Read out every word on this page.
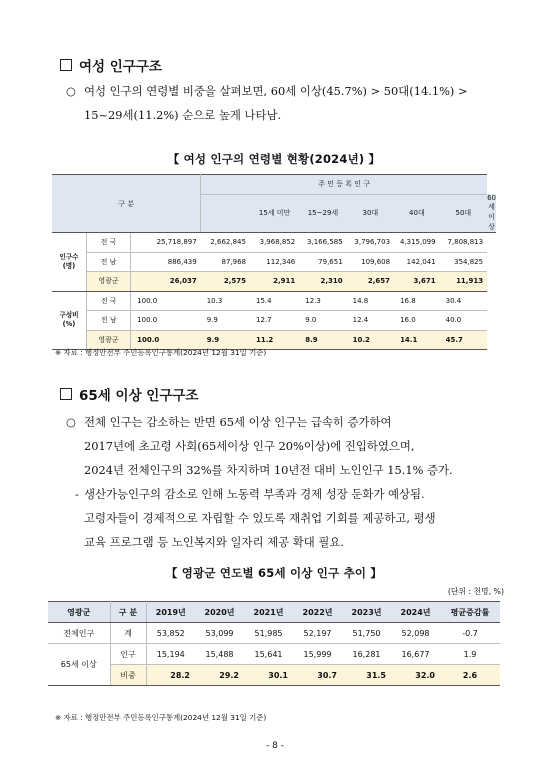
여성 인구구조
○ 여성 인구의 연령별 비중을 살펴보면, 60세 이상(45.7%) > 50대(14.1%) >
15~29세(11.2%) 순으로 높게 나타남.
【 여성 인구의 연령별 현황(2024년) 】
구 분			주 민 등 록 인 구						
				15세 미만	15~29세	30대	40대	50대	60세 이상
인구수
(명)	전 국	25,718,897	2,662,845	3,968,852	3,166,585	3,796,703	4,315,099	7,808,813	
	전 남	886,439	87,968	112,346	79,651	109,608	142,041	354,825	
	영광군	26,037	2,575	2,911	2,310	2,657	3,671	11,913	
구성비
(%)	전 국	100.0	10.3	15.4	12.3	14.8	16.8	30.4	
	전 남	100.0	9.9	12.7	9.0	12.4	16.0	40.0	
	영광군	100.0	9.9	11.2	8.9	10.2	14.1	45.7	
※ 자료 : 행정안전부 주민등록인구통계(2024년 12월 31일 기준)
65세 이상 인구구조
○ 전체 인구는 감소하는 반면 65세 이상 인구는 급속히 증가하여
2017년에 초고령 사회(65세이상 인구 20%이상)에 진입하였으며,
2024년 전체인구의 32%를 차지하며 10년전 대비 노인인구 15.1% 증가.
- 생산가능인구의 감소로 인해 노동력 부족과 경제 성장 둔화가 예상됨.
고령자들이 경제적으로 자립할 수 있도록 재취업 기회를 제공하고, 평생
교육 프로그램 등 노인복지와 일자리 제공 확대 필요.
【 영광군 연도별 65세 이상 인구 추이 】
(단위 : 천명, %)
영광군	구 분	2019년	2020년	2021년	2022년	2023년	2024년	평균증감률
전체인구	계	53,852	53,099	51,985	52,197	51,750	52,098	-0.7
65세 이상	인구	15,194	15,488	15,641	15,999	16,281	16,677	1.9
	비중	28.2	29.2	30.1	30.7	31.5	32.0	2.6
※ 자료 : 행정안전부 주민등록인구통계(2024년 12월 31일 기준)
- 8 -
